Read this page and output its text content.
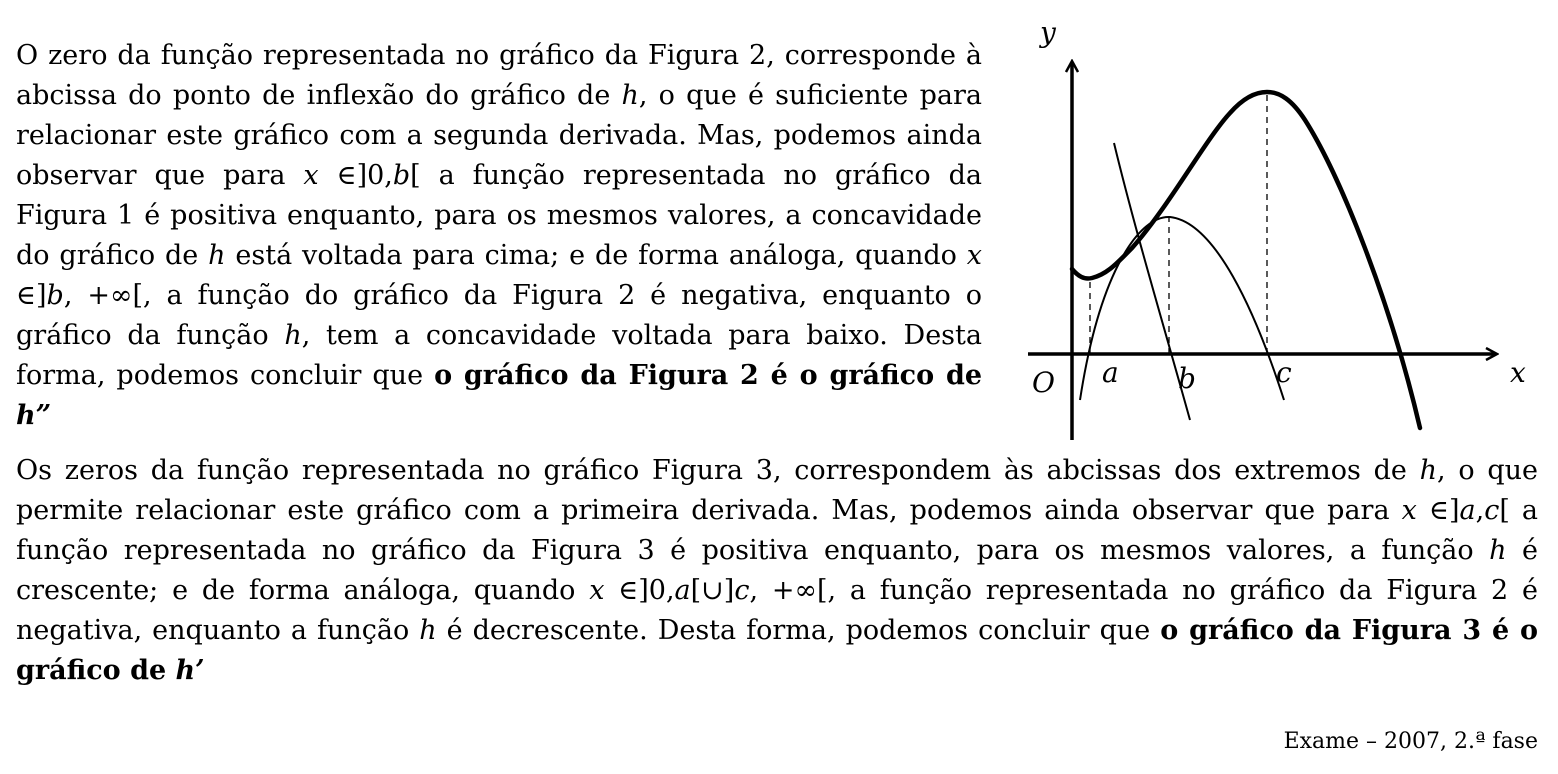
O zero da função representada no gráfico da Figura 2, corresponde à abcissa do ponto de inflexão do gráfico de h, o que é suficiente para relacionar este gráfico com a segunda derivada. Mas, podemos ainda observar que para x ∈]0,b[ a função representada no gráfico da Figura 1 é positiva enquanto, para os mesmos valores, a concavidade do gráfico de h está voltada para cima; e de forma análoga, quando x ∈]b, +∞[, a função do gráfico da Figura 2 é negativa, enquanto o gráfico da função h, tem a concavidade voltada para baixo. Desta forma, podemos concluir que o gráfico da Figura 2 é o gráfico de h”

y
x
O a b	c

Os zeros da função representada no gráfico Figura 3, correspondem às abcissas dos extremos de h, o que permite relacionar este gráfico com a primeira derivada. Mas, podemos ainda observar que para x ∈]a,c[ a função representada no gráfico da Figura 3 é positiva enquanto, para os mesmos valores, a função h é crescente; e de forma análoga, quando x ∈]0,a[∪]c, +∞[, a função representada no gráfico da Figura 2 é negativa, enquanto a função h é decrescente. Desta forma, podemos concluir que o gráfico da Figura 3 é o gráfico de h’

Exame – 2007, 2.ª fase
